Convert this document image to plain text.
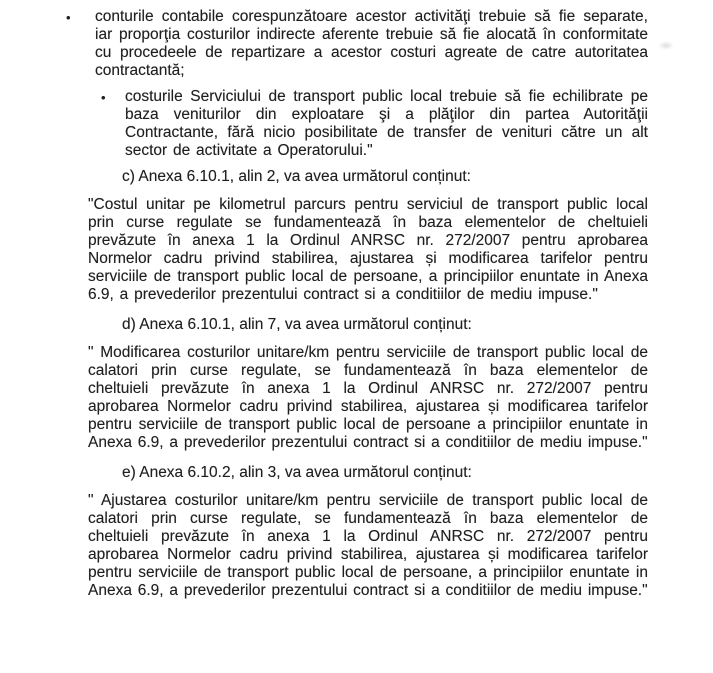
•	conturile contabile corespunzătoare acestor activităţi trebuie să fie separate, iar proporţia costurilor indirecte aferente trebuie să fie alocată în conformitate cu procedeele de repartizare a acestor costuri agreate de catre autoritatea contractantă;
•	costurile Serviciului de transport public local trebuie să fie echilibrate pe baza veniturilor din exploatare şi a plăţilor din partea Autorităţii Contractante, fără nicio posibilitate de transfer de venituri către un alt sector de activitate a Operatorului."
c) Anexa 6.10.1, alin 2, va avea următorul conținut:
"Costul unitar pe kilometrul parcurs pentru serviciul de transport public local prin curse regulate se fundamentează în baza elementelor de cheltuieli prevăzute în anexa 1 la Ordinul ANRSC nr. 272/2007 pentru aprobarea Normelor cadru privind stabilirea, ajustarea și modificarea tarifelor pentru serviciile de transport public local de persoane, a principiilor enuntate in Anexa 6.9, a prevederilor prezentului contract si a conditiilor de mediu impuse."
d) Anexa 6.10.1, alin 7, va avea următorul conținut:
" Modificarea costurilor unitare/km pentru serviciile de transport public local de calatori prin curse regulate, se fundamentează în baza elementelor de cheltuieli prevăzute în anexa 1 la Ordinul ANRSC nr. 272/2007 pentru aprobarea Normelor cadru privind stabilirea, ajustarea și modificarea tarifelor pentru serviciile de transport public local de persoane a principiilor enuntate in Anexa 6.9, a prevederilor prezentului contract si a conditiilor de mediu impuse."
e) Anexa 6.10.2, alin 3, va avea următorul conținut:
" Ajustarea costurilor unitare/km pentru serviciile de transport public local de calatori prin curse regulate, se fundamentează în baza elementelor de cheltuieli prevăzute în anexa 1 la Ordinul ANRSC nr. 272/2007 pentru aprobarea Normelor cadru privind stabilirea, ajustarea și modificarea tarifelor pentru serviciile de transport public local de persoane, a principiilor enuntate in Anexa 6.9, a prevederilor prezentului contract si a conditiilor de mediu impuse."
